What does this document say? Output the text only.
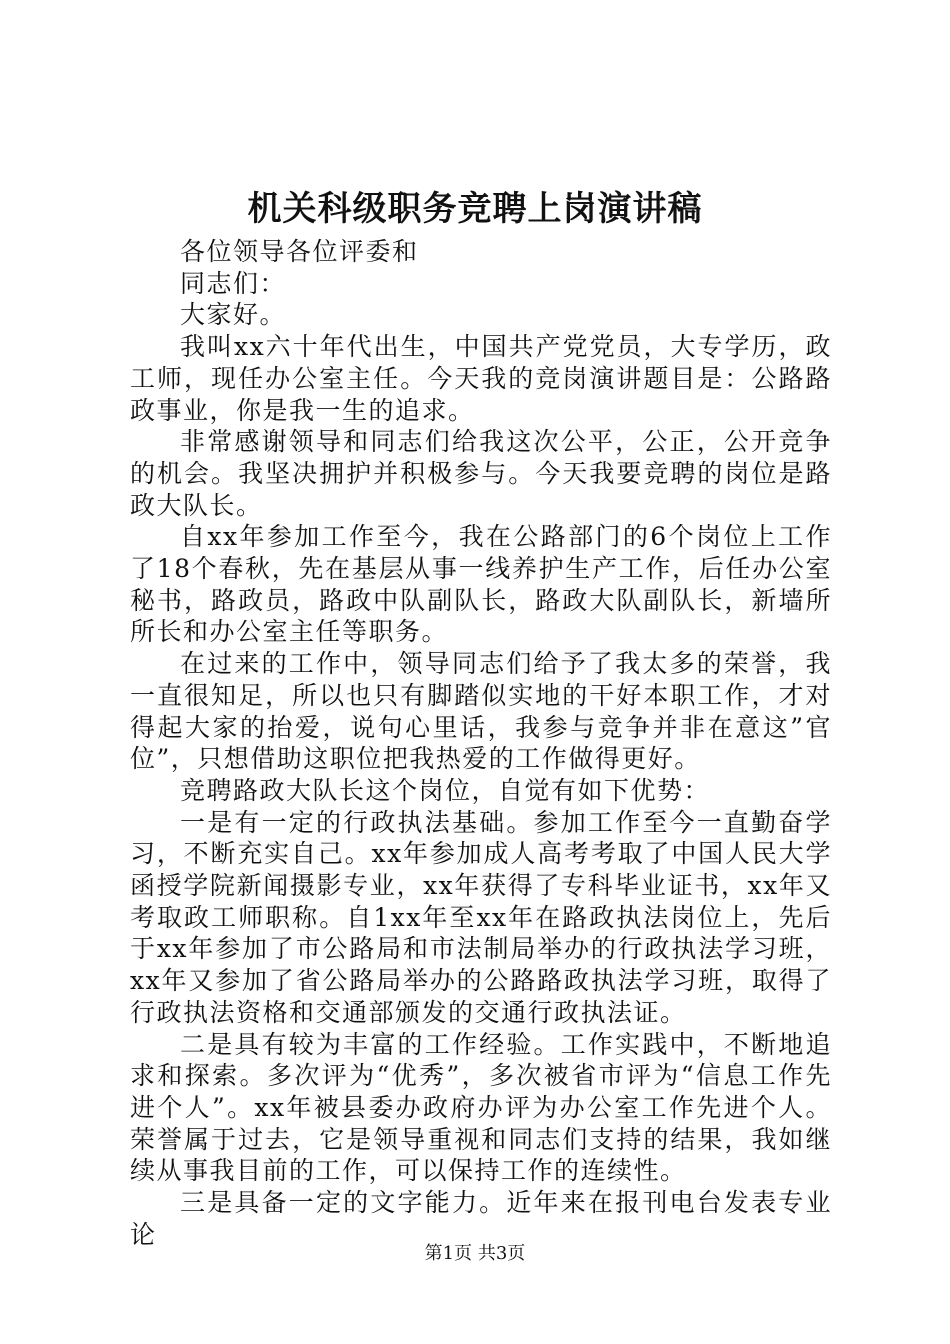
机关科级职务竞聘上岗演讲稿

各位领导各位评委和

同志们：

大家好。

我叫xx六十年代出生，中国共产党党员，大专学历，政工师，现任办公室主任。今天我的竞岗演讲题目是：公路路政事业，你是我一生的追求。

非常感谢领导和同志们给我这次公平，公正，公开竞争的机会。我坚决拥护并积极参与。今天我要竞聘的岗位是路政大队长。

自xx年参加工作至今，我在公路部门的6个岗位上工作了18个春秋，先在基层从事一线养护生产工作，后任办公室秘书，路政员，路政中队副队长，路政大队副队长，新墙所所长和办公室主任等职务。

在过来的工作中，领导同志们给予了我太多的荣誉，我一直很知足，所以也只有脚踏似实地的干好本职工作，才对得起大家的抬爱，说句心里话，我参与竞争并非在意这”官位”，只想借助这职位把我热爱的工作做得更好。

竞聘路政大队长这个岗位，自觉有如下优势：

一是有一定的行政执法基础。参加工作至今一直勤奋学习，不断充实自己。xx年参加成人高考考取了中国人民大学函授学院新闻摄影专业，xx年获得了专科毕业证书，xx年又考取政工师职称。自1xx年至xx年在路政执法岗位上，先后于xx年参加了市公路局和市法制局举办的行政执法学习班，xx年又参加了省公路局举办的公路路政执法学习班，取得了行政执法资格和交通部颁发的交通行政执法证。

二是具有较为丰富的工作经验。工作实践中，不断地追求和探索。多次评为“优秀”，多次被省市评为“信息工作先进个人”。xx年被县委办政府办评为办公室工作先进个人。荣誉属于过去，它是领导重视和同志们支持的结果，我如继续从事我目前的工作，可以保持工作的连续性。

三是具备一定的文字能力。近年来在报刊电台发表专业论

第1页 共3页
